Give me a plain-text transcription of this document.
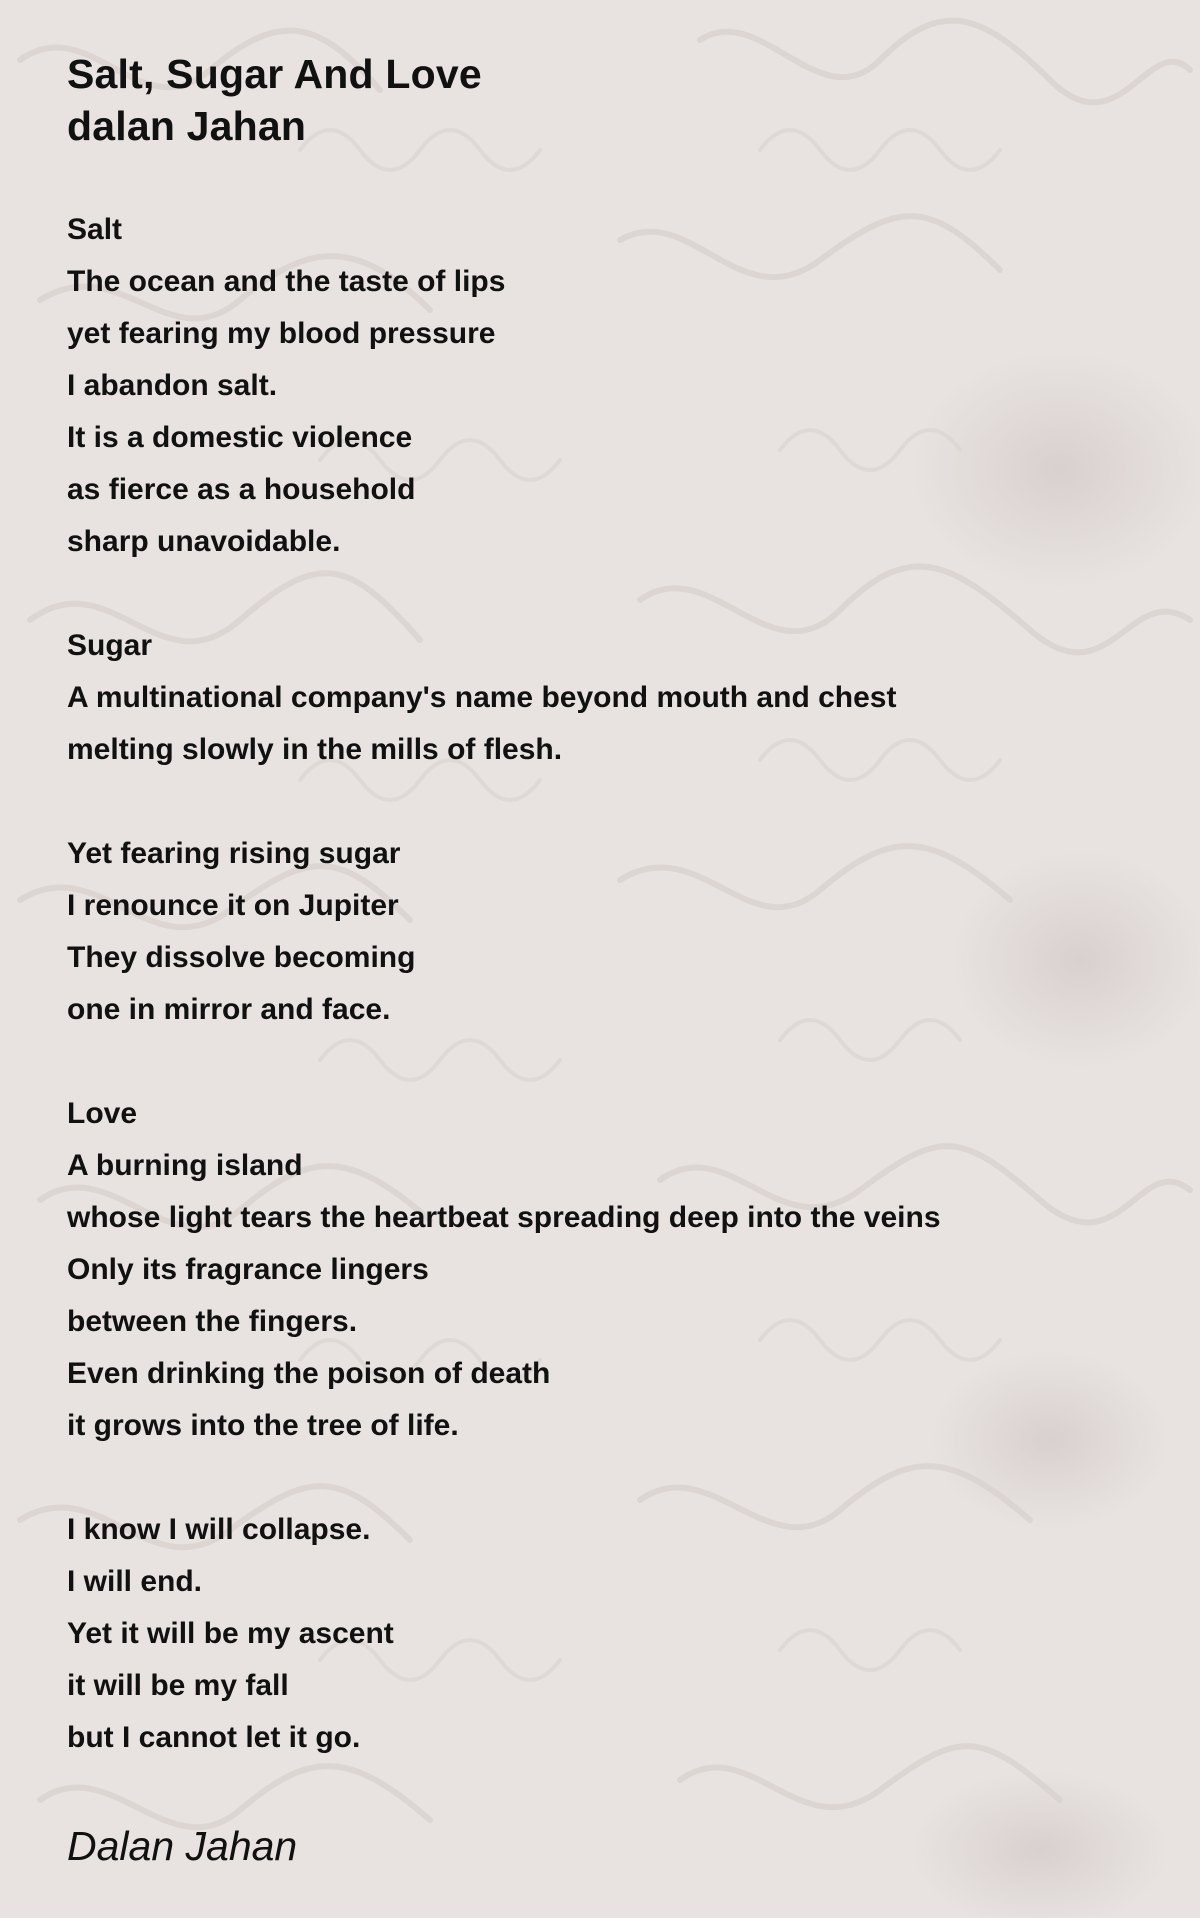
Salt, Sugar And Love
dalan Jahan
Salt
The ocean and the taste of lips
yet fearing my blood pressure
I abandon salt.
It is a domestic violence
as fierce as a household
sharp unavoidable.
Sugar
A multinational company's name beyond mouth and chest
melting slowly in the mills of flesh.
Yet fearing rising sugar
I renounce it on Jupiter
They dissolve becoming
one in mirror and face.
Love
A burning island
whose light tears the heartbeat spreading deep into the veins
Only its fragrance lingers
between the fingers.
Even drinking the poison of death
it grows into the tree of life.
I know I will collapse.
I will end.
Yet it will be my ascent
it will be my fall
but I cannot let it go.
Dalan Jahan
